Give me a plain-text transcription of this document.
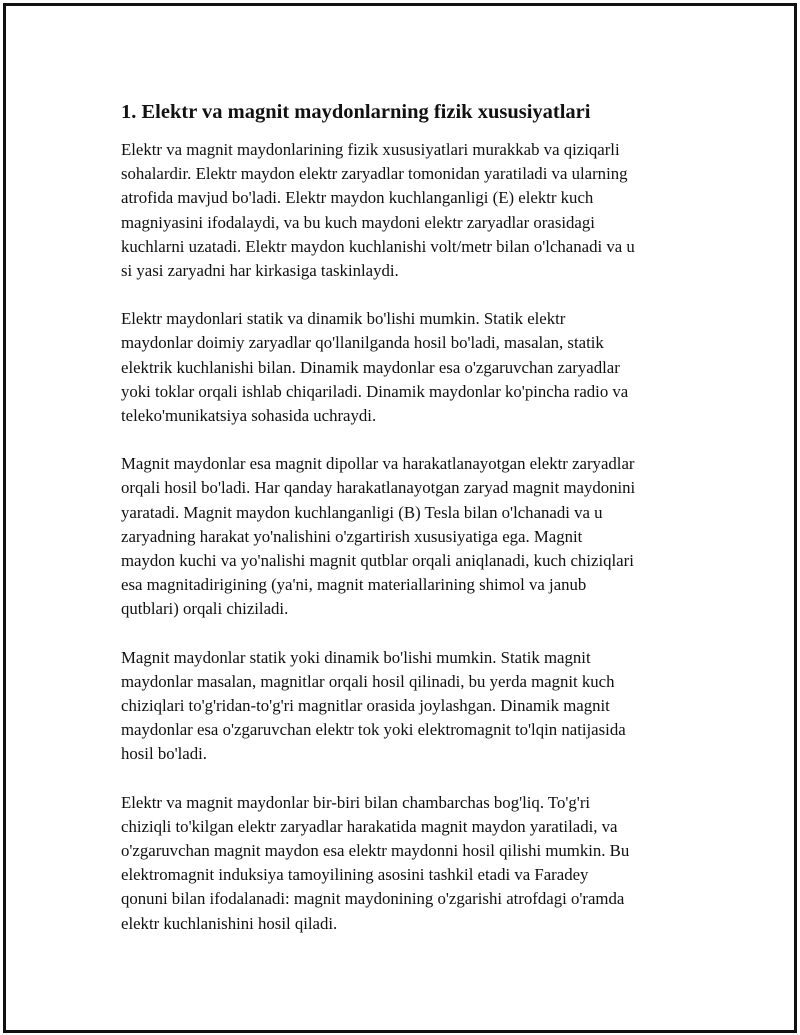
1. Elektr va magnit maydonlarning fizik xususiyatlari

Elektr va magnit maydonlarining fizik xususiyatlari murakkab va qiziqarli
sohalardir. Elektr maydon elektr zaryadlar tomonidan yaratiladi va ularning
atrofida mavjud bo'ladi. Elektr maydon kuchlanganligi (E) elektr kuch
magniyasini ifodalaydi, va bu kuch maydoni elektr zaryadlar orasidagi
kuchlarni uzatadi. Elektr maydon kuchlanishi volt/metr bilan o'lchanadi va u
si yasi zaryadni har kirkasiga taskinlaydi.

Elektr maydonlari statik va dinamik bo'lishi mumkin. Statik elektr
maydonlar doimiy zaryadlar qo'llanilganda hosil bo'ladi, masalan, statik
elektrik kuchlanishi bilan. Dinamik maydonlar esa o'zgaruvchan zaryadlar
yoki toklar orqali ishlab chiqariladi. Dinamik maydonlar ko'pincha radio va
teleko'munikatsiya sohasida uchraydi.

Magnit maydonlar esa magnit dipollar va harakatlanayotgan elektr zaryadlar
orqali hosil bo'ladi. Har qanday harakatlanayotgan zaryad magnit maydonini
yaratadi. Magnit maydon kuchlanganligi (B) Tesla bilan o'lchanadi va u
zaryadning harakat yo'nalishini o'zgartirish xususiyatiga ega. Magnit
maydon kuchi va yo'nalishi magnit qutblar orqali aniqlanadi, kuch chiziqlari
esa magnitadirigining (ya'ni, magnit materiallarining shimol va janub
qutblari) orqali chiziladi.

Magnit maydonlar statik yoki dinamik bo'lishi mumkin. Statik magnit
maydonlar masalan, magnitlar orqali hosil qilinadi, bu yerda magnit kuch
chiziqlari to'g'ridan-to'g'ri magnitlar orasida joylashgan. Dinamik magnit
maydonlar esa o'zgaruvchan elektr tok yoki elektromagnit to'lqin natijasida
hosil bo'ladi.

Elektr va magnit maydonlar bir-biri bilan chambarchas bog'liq. To'g'ri
chiziqli to'kilgan elektr zaryadlar harakatida magnit maydon yaratiladi, va
o'zgaruvchan magnit maydon esa elektr maydonni hosil qilishi mumkin. Bu
elektromagnit induksiya tamoyilining asosini tashkil etadi va Faradey
qonuni bilan ifodalanadi: magnit maydonining o'zgarishi atrofdagi o'ramda
elektr kuchlanishini hosil qiladi.
